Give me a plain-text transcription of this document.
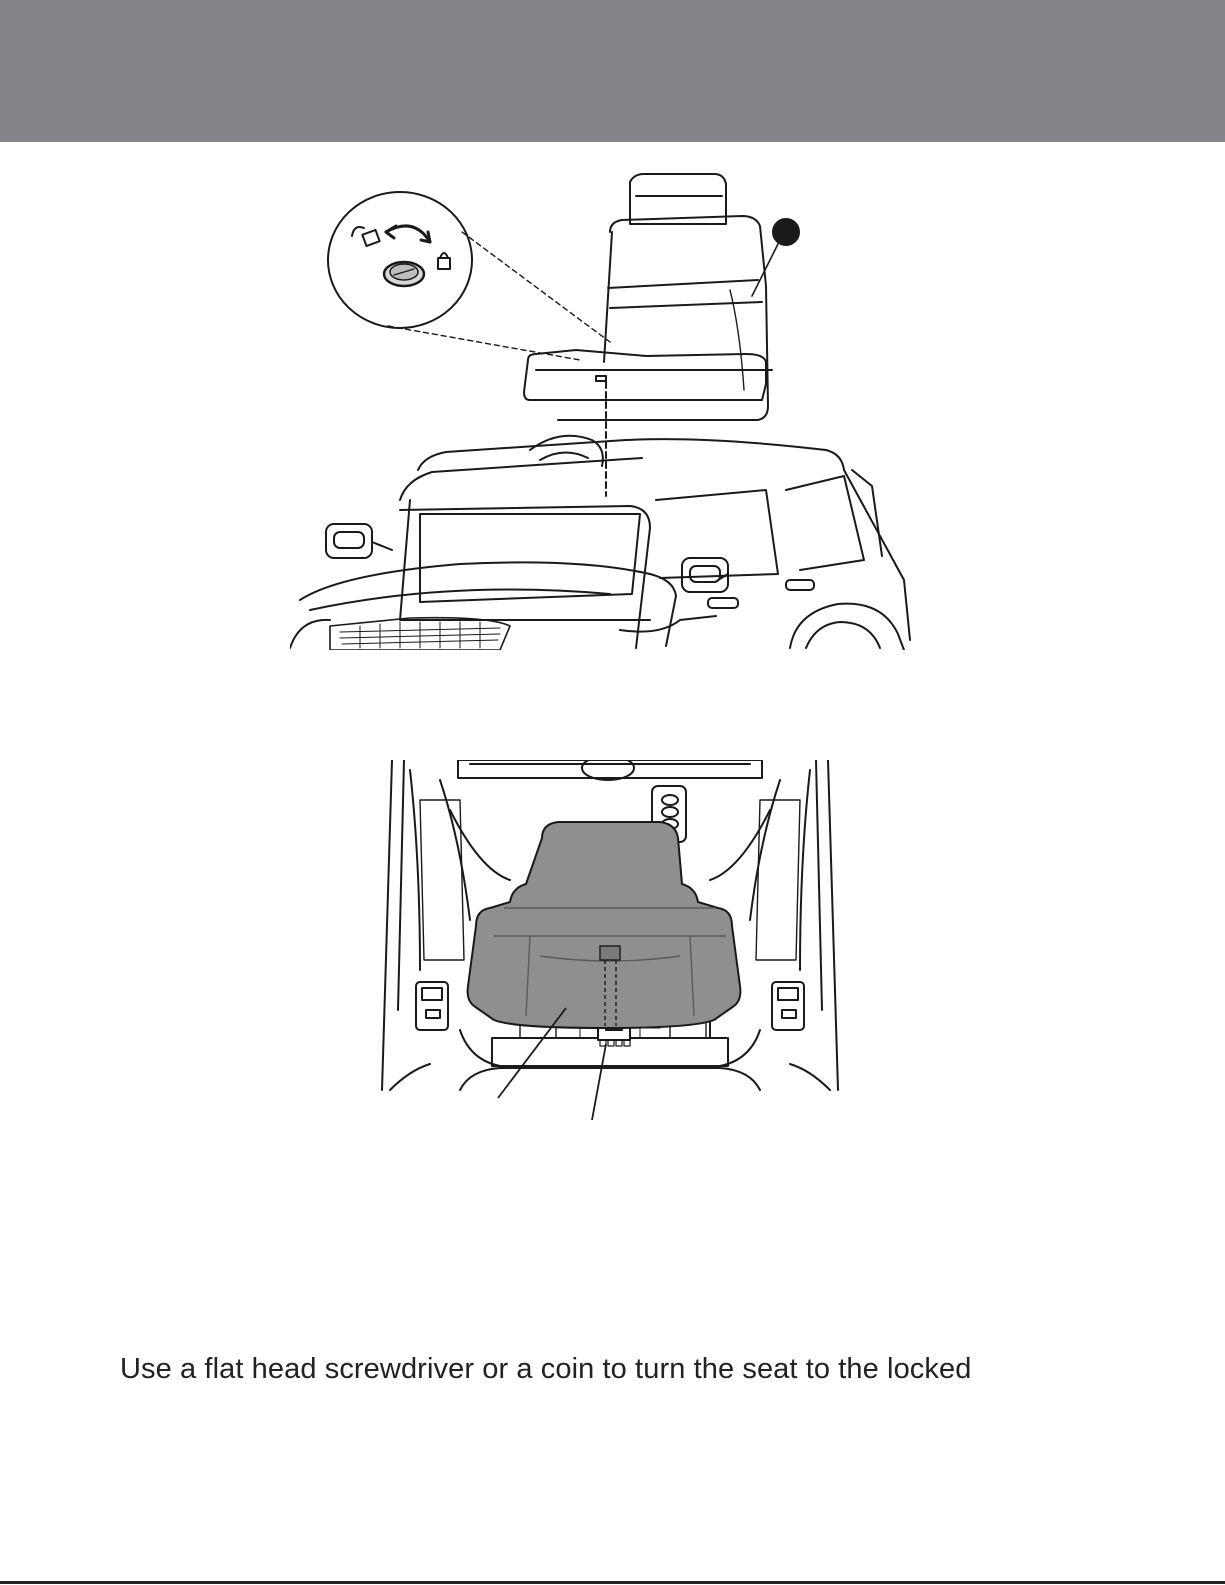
Use a flat head screwdriver or a coin to turn the seat to the locked
